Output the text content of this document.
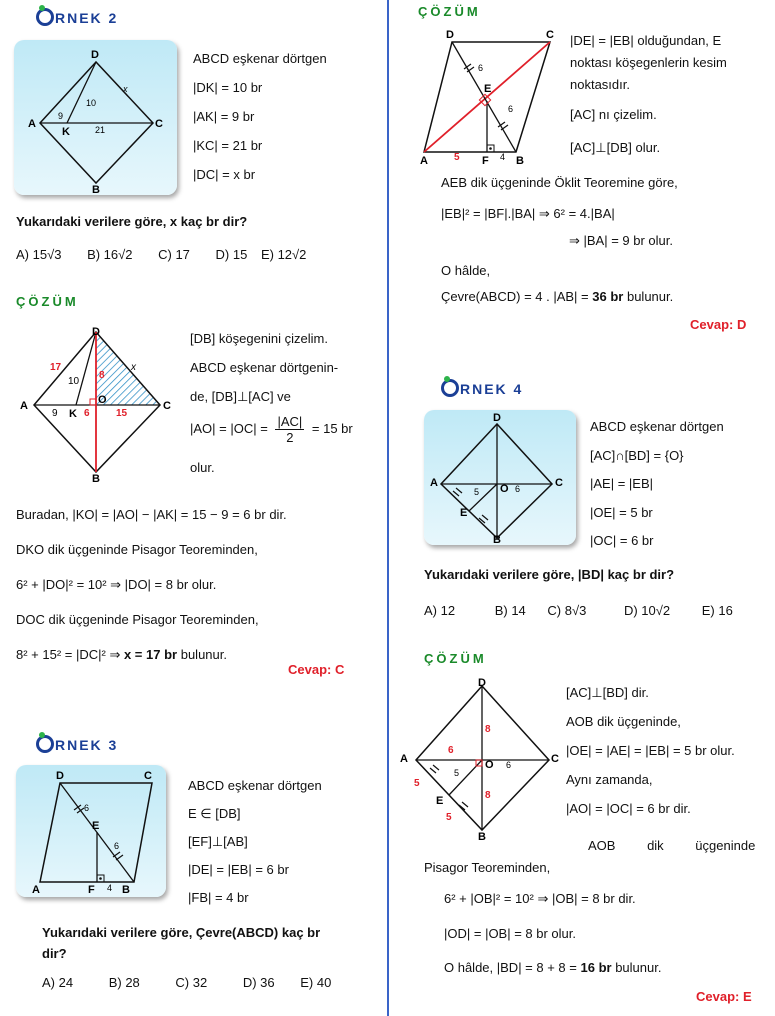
RNEK 2
D
A
K
C
B
10
9
21
x
ABCD eşkenar dörtgen
|DK| = 10 br
|AK| = 9 br
|KC| = 21 br
|DC| = x br
Yukarıdaki verilere göre, x kaç br dir?
A) 15√3 B) 16√2 C) 17 D) 15 E) 12√2
ÇÖZÜM
D
A
K
O	C
B
17
10
8
9	6	15
x
[DB] köşegenini çizelim.
ABCD eşkenar dörtgenin-
de, [DB]⊥[AC] ve
$|AO| = |OC| = \frac{|AC|}{2} = 15$ br
olur.
Buradan, |KO| = |AO| − |AK| = 15 − 9 = 6 br dir.
DKO dik üçgeninde Pisagor Teoreminden,
6² + |DO|² = 10² ⇒ |DO| = 8 br olur.
DOC dik üçgeninde Pisagor Teoreminden,
8² + 15² = |DC|² ⇒ x = 17 br bulunur.
Cevap: C
RNEK 3
D	C
E
A	F B
6
6
4
ABCD eşkenar dörtgen
E ∈ [DB]
[EF]⊥[AB]
|DE| = |EB| = 6 br
|FB| = 4 br
Yukarıdaki verilere göre, Çevre(ABCD) kaç br
dir?
A) 24	B) 28	C) 32	D) 36 E) 40
ÇÖZÜM
D	C
E
A	F B
6
6
5	4
|DE| = |EB| olduğundan, E
noktası köşegenlerin kesim
noktasıdır.
[AC] nı çizelim.
[AC]⊥[DB] olur.
AEB dik üçgeninde Öklit Teoremine göre,
|EB|² = |BF|.|BA| ⇒ 6² = 4.|BA|
⇒ |BA| = 9 br olur.
O hâlde,
Çevre(ABCD) = 4 . |AB| = 36 br bulunur.
Cevap: D
RNEK 4
D
A	O	C
E
B
5	6
ABCD eşkenar dörtgen
[AC]∩[BD] = {O}
|AE| = |EB|
|OE| = 5 br
|OC| = 6 br
Yukarıdaki verilere göre, |BD| kaç br dir?
A) 12	B) 14 C) 8√3	D) 10√2 E) 16
ÇÖZÜM
D
A	O	C
E
B
6
8
8
5
6
5
5
[AC]⊥[BD] dir.
AOB dik üçgeninde,
|OE| = |AE| = |EB| = 5 br olur.
Aynı zamanda,
|AO| = |OC| = 6 br dir.
AOB dik üçgeninde
Pisagor Teoreminden,
6² + |OB|² = 10² ⇒ |OB| = 8 br dir.
|OD| = |OB| = 8 br olur.
O hâlde, |BD| = 8 + 8 = 16 br bulunur.
Cevap: E
